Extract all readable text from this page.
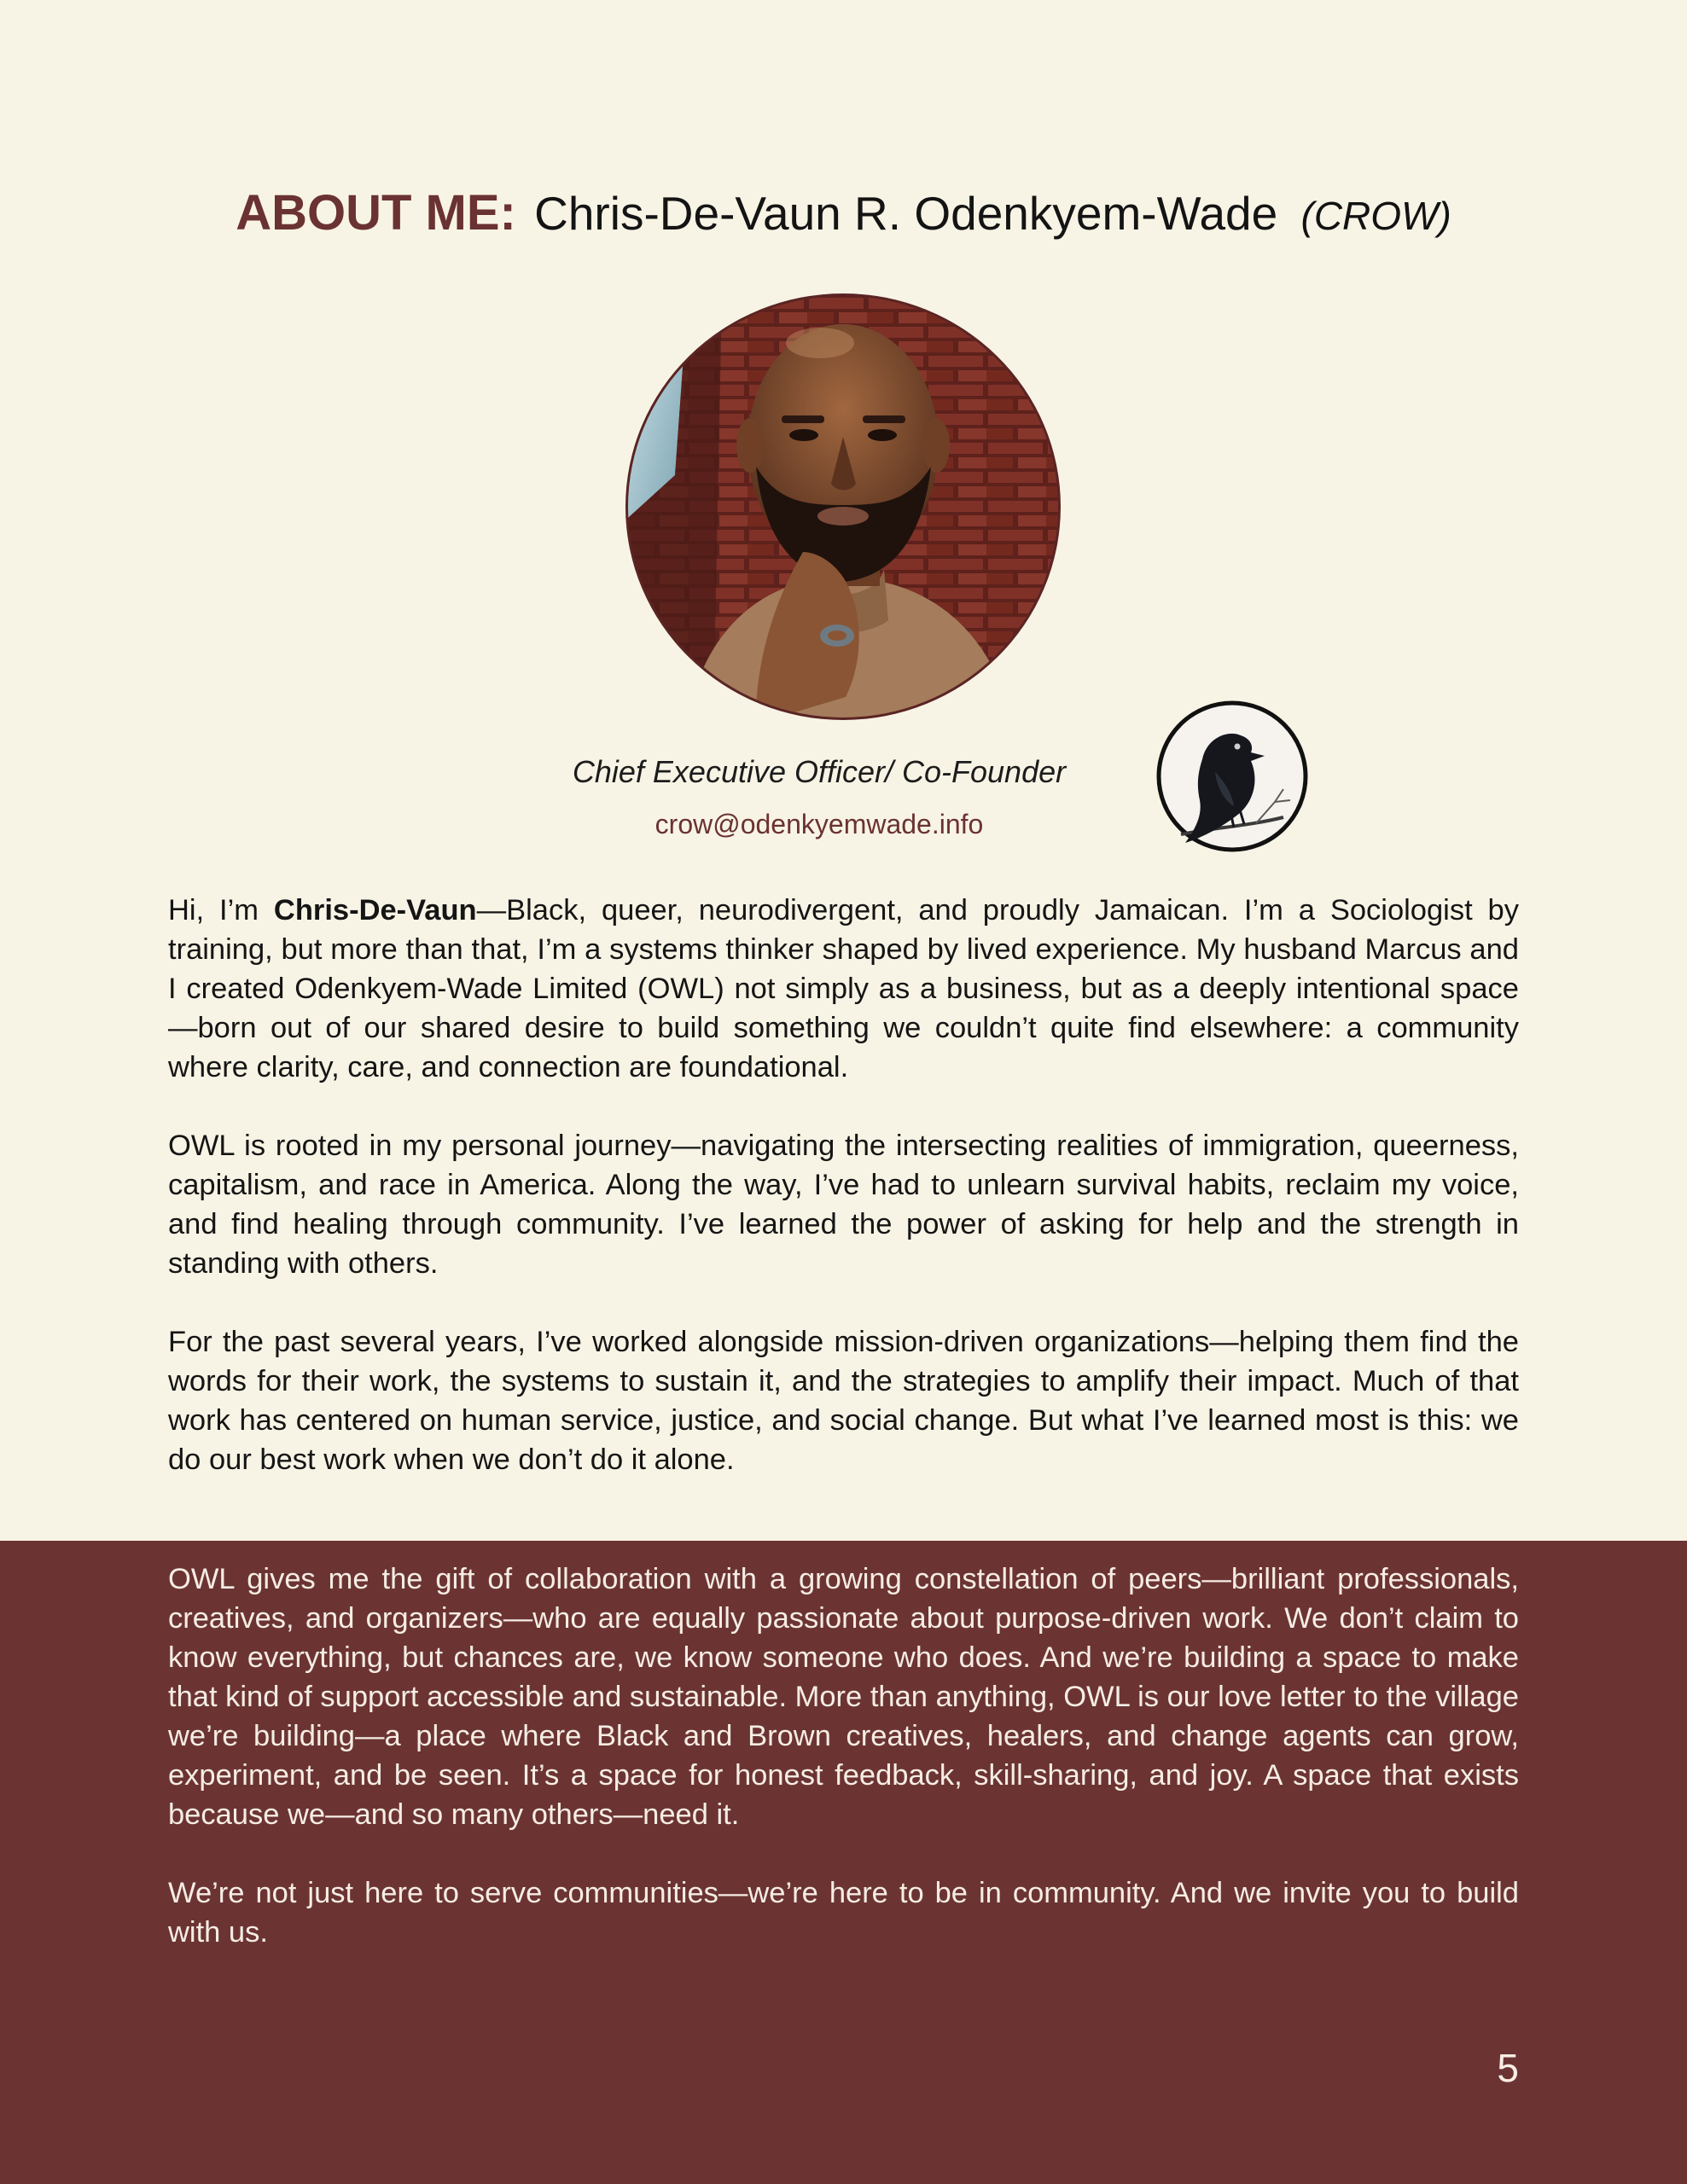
ABOUT ME: Chris-De-Vaun R. Odenkyem-Wade (CROW)
Chief Executive Officer/ Co-Founder
crow@odenkyemwade.info

Hi, I’m Chris-De-Vaun—Black, queer, neurodivergent, and proudly Jamaican. I’m a Sociologist by training, but more than that, I’m a systems thinker shaped by lived experience. My husband Marcus and I created Odenkyem-Wade Limited (OWL) not simply as a business, but as a deeply intentional space—born out of our shared desire to build something we couldn’t quite find elsewhere: a community where clarity, care, and connection are foundational.

OWL is rooted in my personal journey—navigating the intersecting realities of immigration, queerness, capitalism, and race in America. Along the way, I’ve had to unlearn survival habits, reclaim my voice, and find healing through community. I’ve learned the power of asking for help and the strength in standing with others.

For the past several years, I’ve worked alongside mission-driven organizations—helping them find the words for their work, the systems to sustain it, and the strategies to amplify their impact. Much of that work has centered on human service, justice, and social change. But what I’ve learned most is this: we do our best work when we don’t do it alone.

OWL gives me the gift of collaboration with a growing constellation of peers—brilliant professionals, creatives, and organizers—who are equally passionate about purpose-driven work. We don’t claim to know everything, but chances are, we know someone who does. And we’re building a space to make that kind of support accessible and sustainable. More than anything, OWL is our love letter to the village we’re building—a place where Black and Brown creatives, healers, and change agents can grow, experiment, and be seen. It’s a space for honest feedback, skill-sharing, and joy. A space that exists because we—and so many others—need it.

We’re not just here to serve communities—we’re here to be in community. And we invite you to build with us.

5
